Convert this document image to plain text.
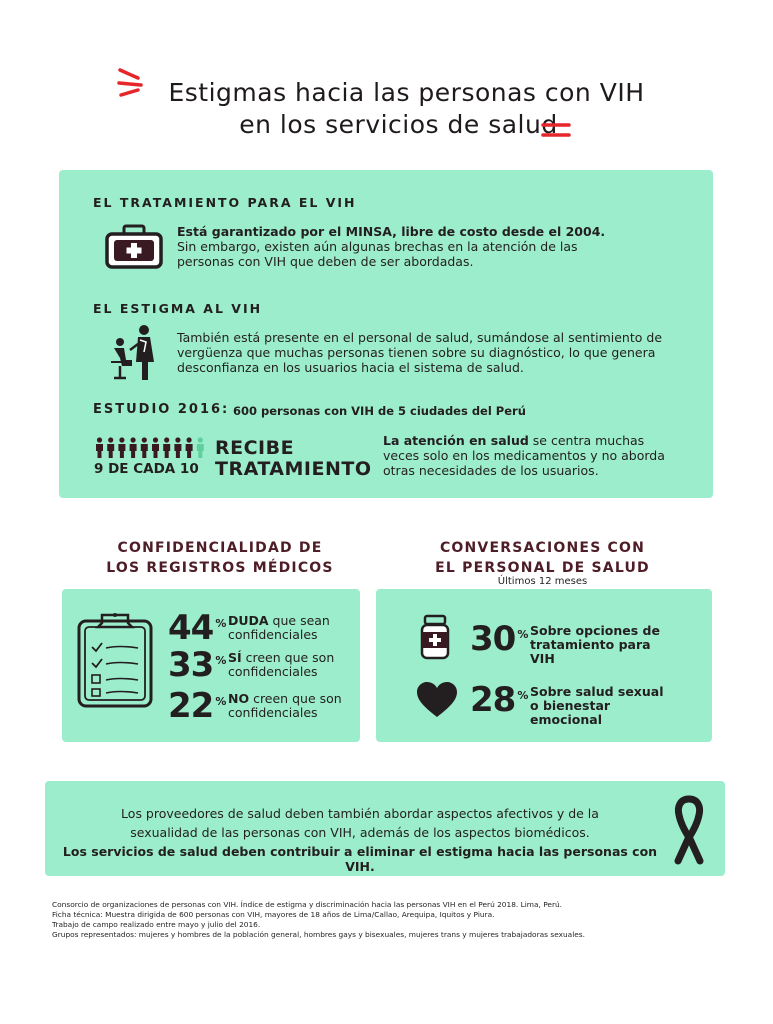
Estigmas hacia las personas con VIH
en los servicios de salud
EL TRATAMIENTO PARA EL VIH
Está garantizado por el MINSA, libre de costo desde el 2004.
Sin embargo, existen aún algunas brechas en la atención de las personas con VIH que deben de ser abordadas.
EL ESTIGMA AL VIH
También está presente en el personal de salud, sumándose al sentimiento de vergüenza que muchas personas tienen sobre su diagnóstico, lo que genera desconfianza en los usuarios hacia el sistema de salud.
ESTUDIO 2016: 600 personas con VIH de 5 ciudades del Perú
9 DE CADA 10
RECIBE
TRATAMIENTO
La atención en salud se centra muchas veces solo en los medicamentos y no aborda otras necesidades de los usuarios.
CONFIDENCIALIDAD DE
LOS REGISTROS MÉDICOS
CONVERSACIONES CON
EL PERSONAL DE SALUD
Últimos 12 meses
44 % DUDA que sean confidenciales
33 % SÍ creen que son confidenciales
22 % NO creen que son confidenciales
30 % Sobre opciones de tratamiento para VIH
28 % Sobre salud sexual o bienestar emocional
Los proveedores de salud deben también abordar aspectos afectivos y de la
sexualidad de las personas con VIH, además de los aspectos biomédicos.
Los servicios de salud deben contribuir a eliminar el estigma hacia las personas con VIH.
Consorcio de organizaciones de personas con VIH. Índice de estigma y discriminación hacia las personas VIH en el Perú 2018. Lima, Perú.
Ficha técnica: Muestra dirigida de 600 personas con VIH, mayores de 18 años de Lima/Callao, Arequipa, Iquitos y Piura.
Trabajo de campo realizado entre mayo y julio del 2016.
Grupos representados: mujeres y hombres de la población general, hombres gays y bisexuales, mujeres trans y mujeres trabajadoras sexuales.
